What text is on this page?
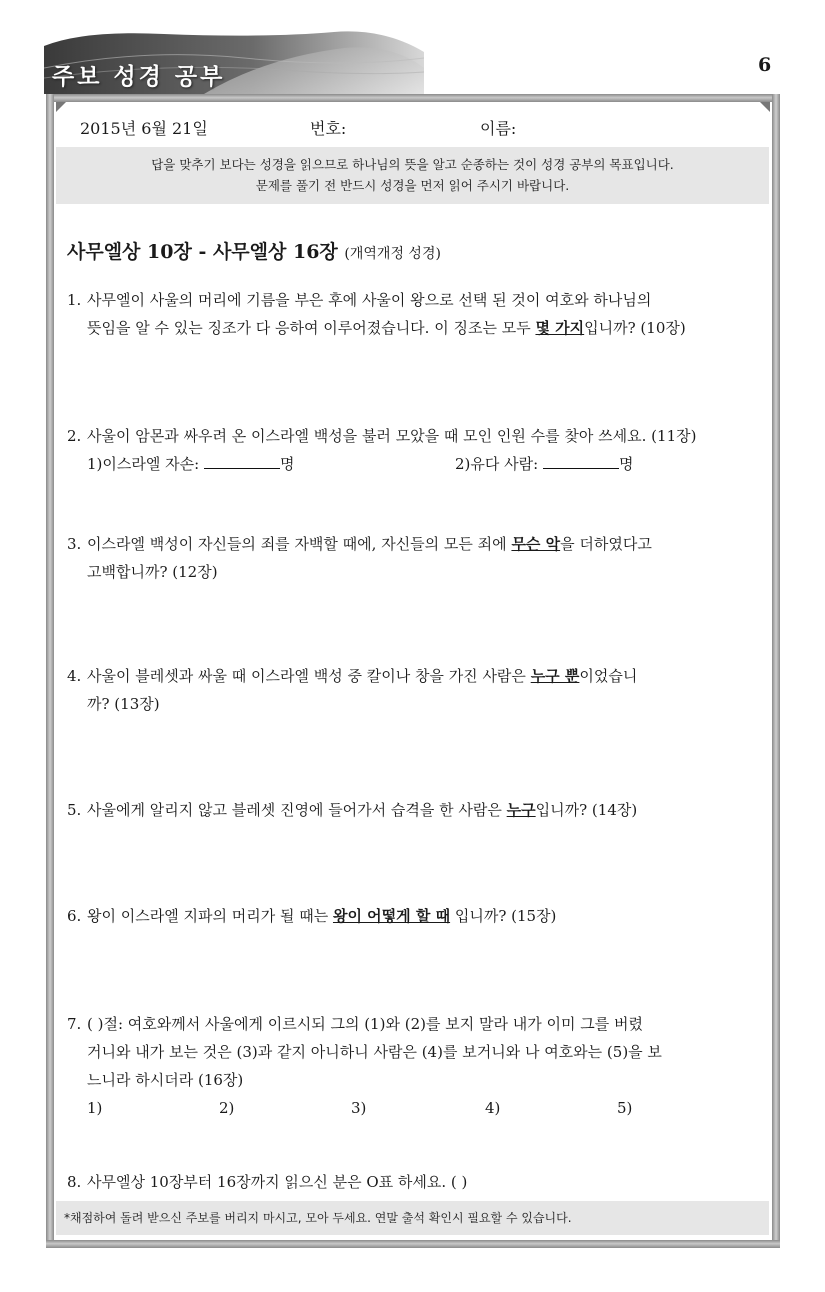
주보 성경 공부	6
2015년 6월 21일	번호:	이름:
답을 맞추기 보다는 성경을 읽으므로 하나님의 뜻을 알고 순종하는 것이 성경 공부의 목표입니다.
문제를 풀기 전 반드시 성경을 먼저 읽어 주시기 바랍니다.
사무엘상 10장 - 사무엘상 16장 (개역개정 성경)
1. 사무엘이 사울의 머리에 기름을 부은 후에 사울이 왕으로 선택 된 것이 여호와 하나님의
뜻임을 알 수 있는 징조가 다 응하여 이루어졌습니다. 이 징조는 모두 몇 가지입니까? (10장)
2. 사울이 암몬과 싸우려 온 이스라엘 백성을 불러 모았을 때 모인 인원 수를 찾아 쓰세요. (11장)
1)이스라엘 자손:	명	2)유다 사람:	명
3. 이스라엘 백성이 자신들의 죄를 자백할 때에, 자신들의 모든 죄에 무슨 악을 더하였다고
고백합니까? (12장)
4. 사울이 블레셋과 싸울 때 이스라엘 백성 중 칼이나 창을 가진 사람은 누구 뿐이었습니
까? (13장)
5. 사울에게 알리지 않고 블레셋 진영에 들어가서 습격을 한 사람은 누구입니까? (14장)
6. 왕이 이스라엘 지파의 머리가 될 때는 왕이 어떻게 할 때 입니까? (15장)
7. ( )절: 여호와께서 사울에게 이르시되 그의 (1)와 (2)를 보지 말라 내가 이미 그를 버렸
거니와 내가 보는 것은 (3)과 같지 아니하니 사람은 (4)를 보거니와 나 여호와는 (5)을 보
느니라 하시더라 (16장)
1)	2)	3)	4)	5)
8. 사무엘상 10장부터 16장까지 읽으신 분은 O표 하세요. ( )
*채점하여 돌려 받으신 주보를 버리지 마시고, 모아 두세요. 연말 출석 확인시 필요할 수 있습니다.
